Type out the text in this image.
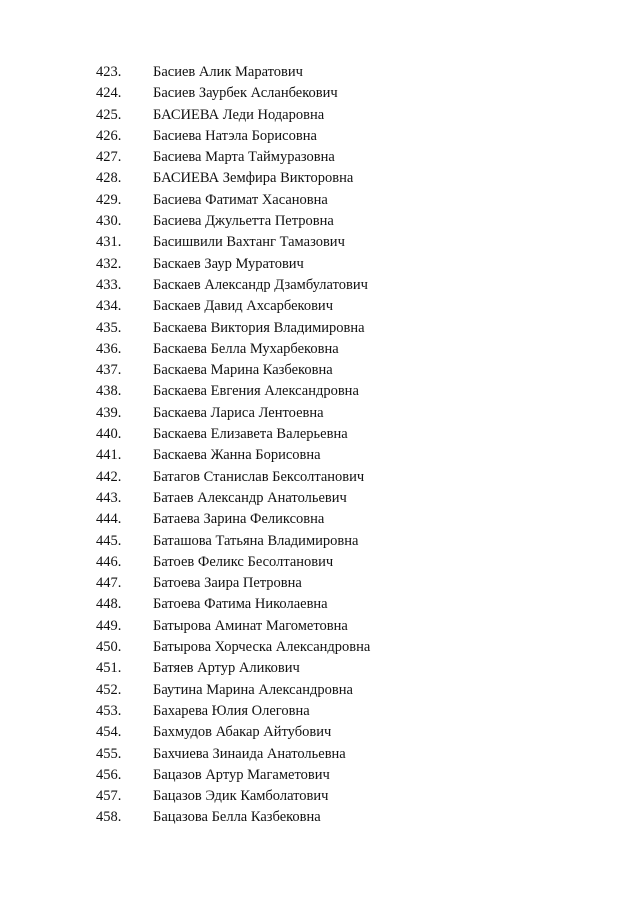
423.	Басиев Алик Маратович
424.	Басиев Заурбек Асланбекович
425.	БАСИЕВА Леди Нодаровна
426.	Басиева Натэла Борисовна
427.	Басиева Марта Таймуразовна
428.	БАСИЕВА Земфира Викторовна
429.	Басиева Фатимат Хасановна
430.	Басиева Джульетта Петровна
431.	Басишвили Вахтанг Тамазович
432.	Баскаев Заур Муратович
433.	Баскаев Александр Дзамбулатович
434.	Баскаев Давид Ахсарбекович
435.	Баскаева Виктория Владимировна
436.	Баскаева Белла Мухарбековна
437.	Баскаева Марина Казбековна
438.	Баскаева Евгения Александровна
439.	Баскаева Лариса Лентоевна
440.	Баскаева Елизавета Валерьевна
441.	Баскаева Жанна Борисовна
442.	Батагов Станислав Бексолтанович
443.	Батаев Александр Анатольевич
444.	Батаева Зарина Феликсовна
445.	Баташова Татьяна Владимировна
446.	Батоев Феликс Бесолтанович
447.	Батоева Заира Петровна
448.	Батоева Фатима Николаевна
449.	Батырова Аминат Магометовна
450.	Батырова Хорческа Александровна
451.	Батяев Артур Аликович
452.	Баутина Марина Александровна
453.	Бахарева Юлия Олеговна
454.	Бахмудов Абакар Айтубович
455.	Бахчиева Зинаида Анатольевна
456.	Бацазов Артур Магаметович
457.	Бацазов Эдик Камболатович
458.	Бацазова Белла Казбековна
